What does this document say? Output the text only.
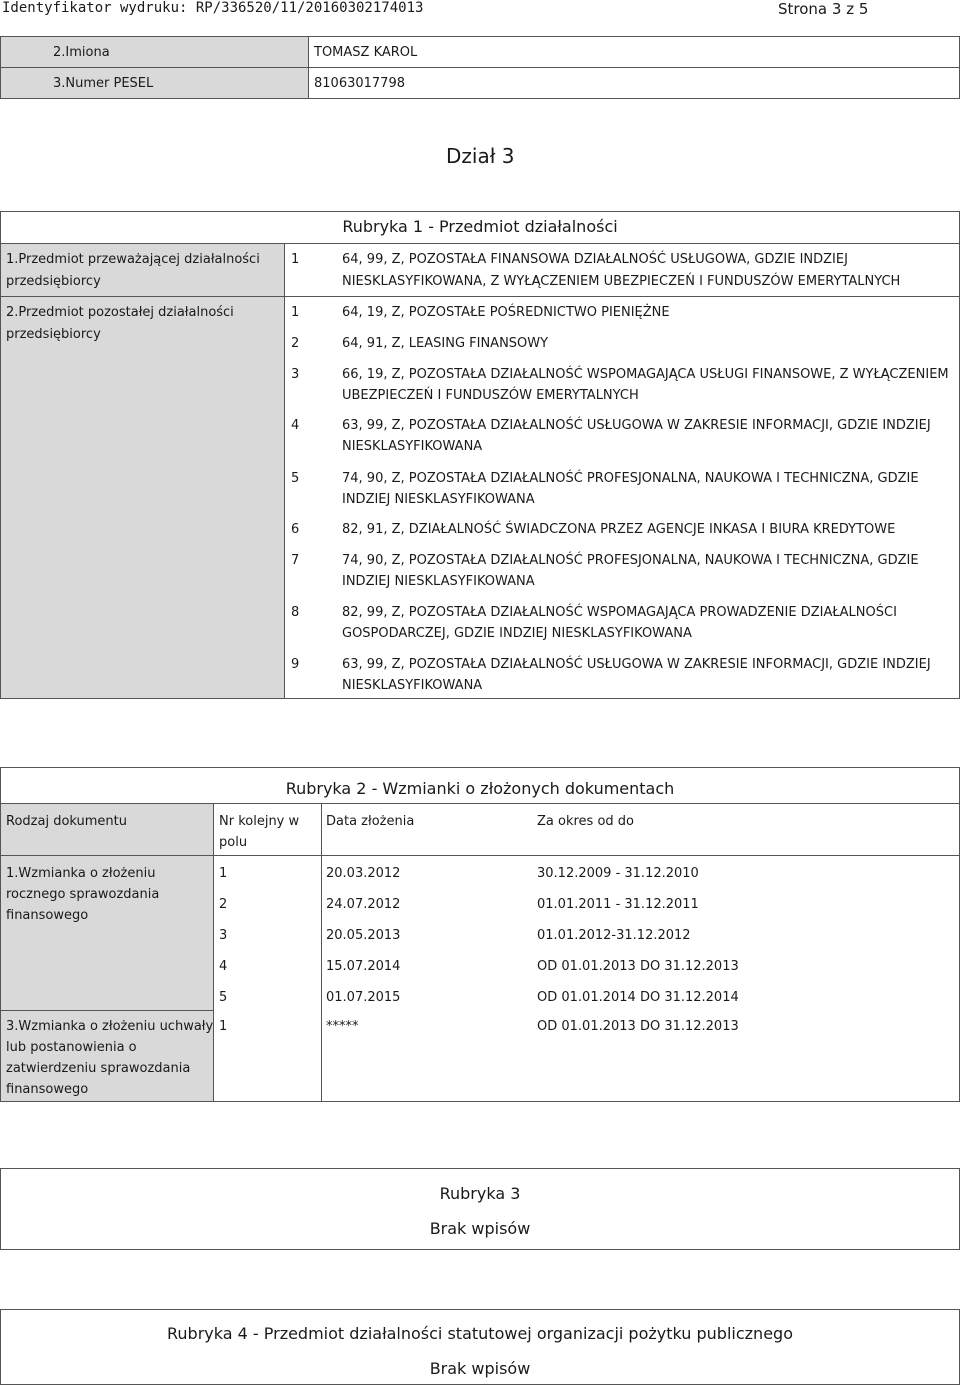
Identyfikator wydruku: RP/336520/11/20160302174013	Strona 3 z 5
2.Imiona	TOMASZ KAROL
3.Numer PESEL	81063017798
Dział 3
Rubryka 1 - Przedmiot działalności
1.Przedmiot przeważającej działalności
przedsiębiorcy
1	64, 99, Z, POZOSTAŁA FINANSOWA DZIAŁALNOŚĆ USŁUGOWA, GDZIE INDZIEJ
NIESKLASYFIKOWANA, Z WYŁĄCZENIEM UBEZPIECZEŃ I FUNDUSZÓW EMERYTALNYCH
2.Przedmiot pozostałej działalności
przedsiębiorcy
1	64, 19, Z, POZOSTAŁE POŚREDNICTWO PIENIĘŻNE
2	64, 91, Z, LEASING FINANSOWY
3	66, 19, Z, POZOSTAŁA DZIAŁALNOŚĆ WSPOMAGAJĄCA USŁUGI FINANSOWE, Z WYŁĄCZENIEM
UBEZPIECZEŃ I FUNDUSZÓW EMERYTALNYCH
4	63, 99, Z, POZOSTAŁA DZIAŁALNOŚĆ USŁUGOWA W ZAKRESIE INFORMACJI, GDZIE INDZIEJ
NIESKLASYFIKOWANA
5	74, 90, Z, POZOSTAŁA DZIAŁALNOŚĆ PROFESJONALNA, NAUKOWA I TECHNICZNA, GDZIE
INDZIEJ NIESKLASYFIKOWANA
6	82, 91, Z, DZIAŁALNOŚĆ ŚWIADCZONA PRZEZ AGENCJE INKASA I BIURA KREDYTOWE
7	74, 90, Z, POZOSTAŁA DZIAŁALNOŚĆ PROFESJONALNA, NAUKOWA I TECHNICZNA, GDZIE
INDZIEJ NIESKLASYFIKOWANA
8	82, 99, Z, POZOSTAŁA DZIAŁALNOŚĆ WSPOMAGAJĄCA PROWADZENIE DZIAŁALNOŚCI
GOSPODARCZEJ, GDZIE INDZIEJ NIESKLASYFIKOWANA
9	63, 99, Z, POZOSTAŁA DZIAŁALNOŚĆ USŁUGOWA W ZAKRESIE INFORMACJI, GDZIE INDZIEJ
NIESKLASYFIKOWANA
Rubryka 2 - Wzmianki o złożonych dokumentach
Rodzaj dokumentu	Nr kolejny w
polu
Data złożenia	Za okres od do
1.Wzmianka o złożeniu
rocznego sprawozdania
finansowego
1	20.03.2012	30.12.2009 - 31.12.2010
2	24.07.2012	01.01.2011 - 31.12.2011
3	20.05.2013	01.01.2012-31.12.2012
4	15.07.2014	OD 01.01.2013 DO 31.12.2013
5	01.07.2015	OD 01.01.2014 DO 31.12.2014
3.Wzmianka o złożeniu uchwały
lub postanowienia o
zatwierdzeniu sprawozdania
finansowego
1	*****	OD 01.01.2013 DO 31.12.2013
Rubryka 3
Brak wpisów
Rubryka 4 - Przedmiot działalności statutowej organizacji pożytku publicznego
Brak wpisów
